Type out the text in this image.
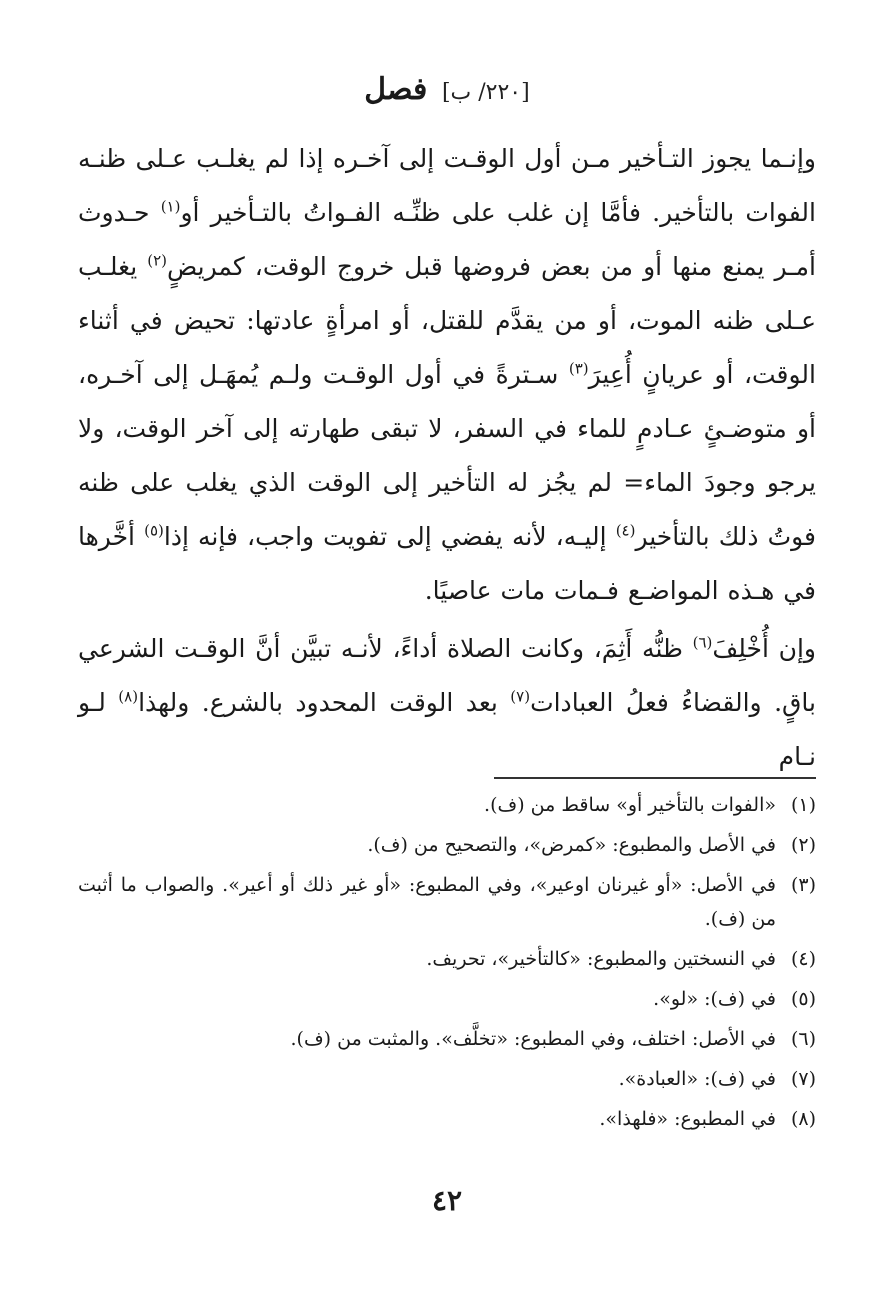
[٢٢٠/ ب] فصل

وإنـما يجوز التـأخير مـن أول الوقـت إلى آخـره إذا لم يغلـب عـلى ظنـه الفوات بالتأخير. فأمَّا إن غلب على ظنِّـه الفـواتُ بالتـأخير أو$^{(١)}$ حـدوث أمـر يمنع منها أو من بعض فروضها قبل خروج الوقت، كمريضٍ$^{(٢)}$ يغلـب عـلى ظنه الموت، أو من يقدَّم للقتل، أو امرأةٍ عادتها: تحيض في أثناء الوقت، أو عريانٍ أُعِيرَ$^{(٣)}$ سـترةً في أول الوقـت ولـم يُمهَـل إلى آخـره، أو متوضـئٍ عـادمٍ للماء في السفر، لا تبقى طهارته إلى آخر الوقت، ولا يرجو وجودَ الماء= لم يجُز له التأخير إلى الوقت الذي يغلب على ظنه فوتُ ذلك بالتأخير$^{(٤)}$ إليـه، لأنه يفضي إلى تفويت واجب، فإنه إذا$^{(٥)}$ أخَّرها في هـذه المواضـع فـمات مات عاصيًا.

وإن أُخْلِفَ$^{(٦)}$ ظنُّه أَثِمَ، وكانت الصلاة أداءً، لأنـه تبيَّن أنَّ الوقـت الشرعي باقٍ. والقضاءُ فعلُ العبادات$^{(٧)}$ بعد الوقت المحدود بالشرع. ولهذا$^{(٨)}$ لـو نـام

(١)
«الفوات بالتأخير أو» ساقط من (ف).
(٢)
في الأصل والمطبوع: «كمرض»، والتصحيح من (ف).
(٣)
في الأصل: «أو غيرنان اوعير»، وفي المطبوع: «أو غير ذلك أو أعير». والصواب ما أثبت من (ف).
(٤)
في النسختين والمطبوع: «كالتأخير»، تحريف.
(٥)
في (ف): «لو».
(٦)
في الأصل: اختلف، وفي المطبوع: «تخلَّف». والمثبت من (ف).
(٧)
في (ف): «العبادة».
(٨)
في المطبوع: «فلهذا».
٤٢
